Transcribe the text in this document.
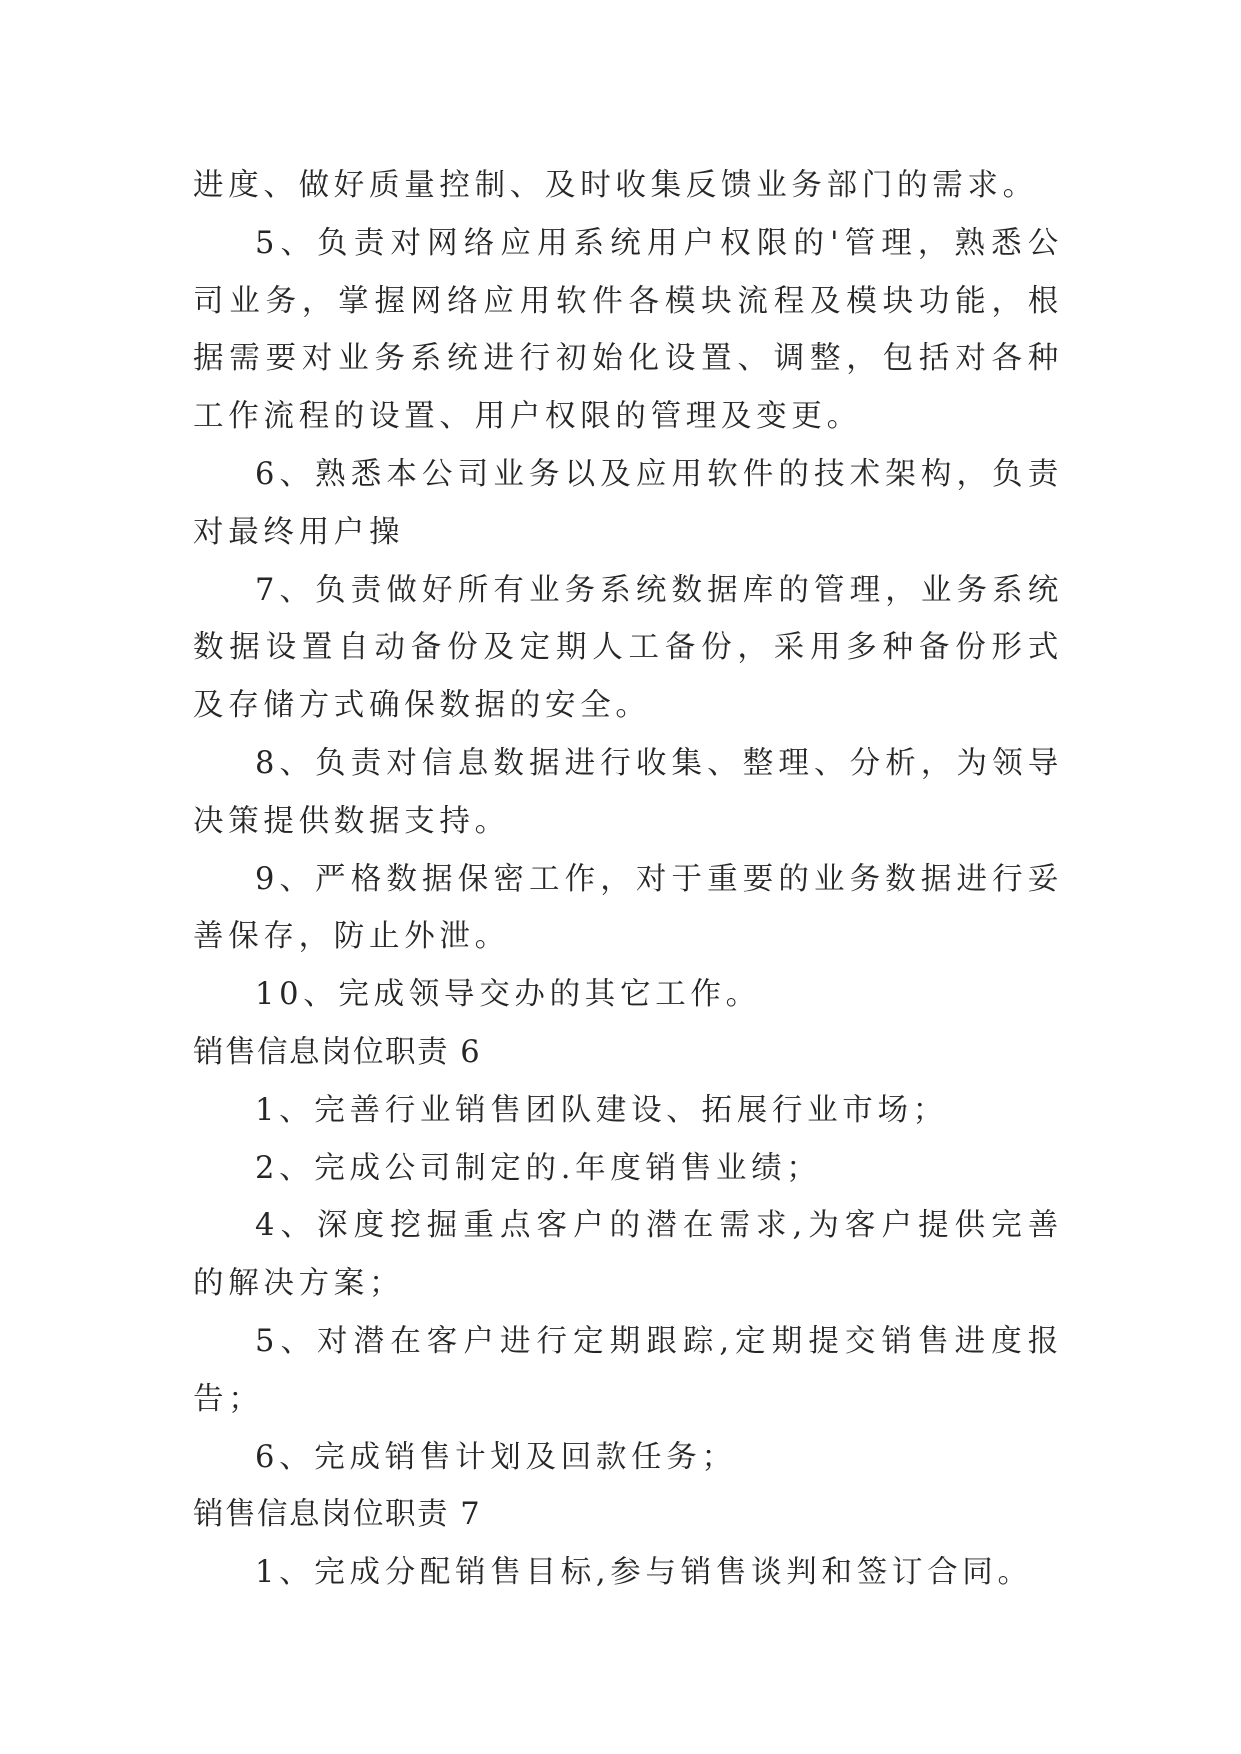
进度、做好质量控制、及时收集反馈业务部门的需求。

5、负责对网络应用系统用户权限的'管理，熟悉公司业务，掌握网络应用软件各模块流程及模块功能，根据需要对业务系统进行初始化设置、调整，包括对各种工作流程的设置、用户权限的管理及变更。

6、熟悉本公司业务以及应用软件的技术架构，负责对最终用户操

7、负责做好所有业务系统数据库的管理，业务系统数据设置自动备份及定期人工备份，采用多种备份形式及存储方式确保数据的安全。

8、负责对信息数据进行收集、整理、分析，为领导决策提供数据支持。

9、严格数据保密工作，对于重要的业务数据进行妥善保存，防止外泄。

10、完成领导交办的其它工作。

销售信息岗位职责 6

1、完善行业销售团队建设、拓展行业市场；

2、完成公司制定的.年度销售业绩；

4、深度挖掘重点客户的潜在需求,为客户提供完善的解决方案；

5、对潜在客户进行定期跟踪,定期提交销售进度报告；

6、完成销售计划及回款任务；

销售信息岗位职责 7

1、完成分配销售目标,参与销售谈判和签订合同。
